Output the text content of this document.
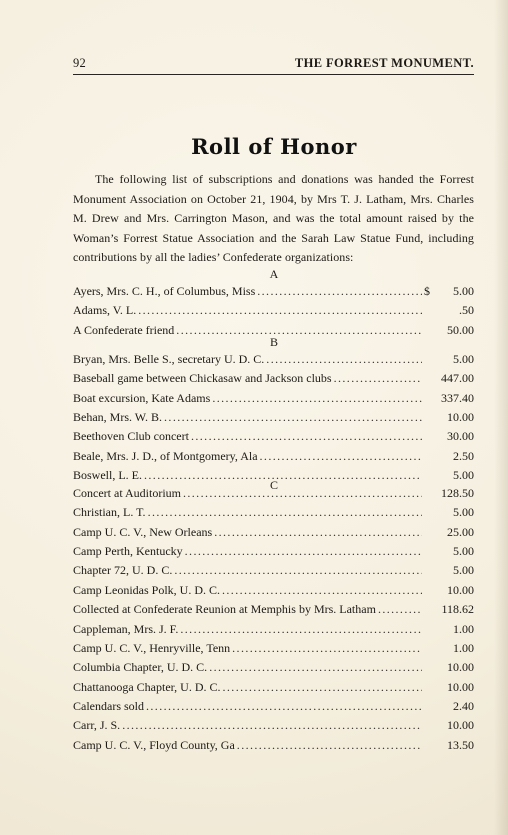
92	THE FORREST MONUMENT.
Roll of Honor

The following list of subscriptions and donations was handed the Forrest Monument Association on October 21, 1904, by Mrs T. J. Latham, Mrs. Charles M. Drew and Mrs. Carrington Mason, and was the total amount raised by the Woman’s Forrest Statue Association and the Sarah Law Statue Fund, including contributions by all the ladies’ Confederate organizations:

A
Ayers, Mrs. C. H., of Columbus, Miss .....	$	5.00
Adams, V. L. .....	.50
A Confederate friend .....	50.00
B
Bryan, Mrs. Belle S., secretary U. D. C. .....	5.00
Baseball game between Chickasaw and Jackson clubs .....	447.00
Boat excursion, Kate Adams .....	337.40
Behan, Mrs. W. B. .....	10.00
Beethoven Club concert .....	30.00
Beale, Mrs. J. D., of Montgomery, Ala .....	2.50
Boswell, L. E. .....	5.00
C
Concert at Auditorium .....	128.50
Christian, L. T. .....	5.00
Camp U. C. V., New Orleans .....	25.00
Camp Perth, Kentucky .....	5.00
Chapter 72, U. D. C. .....	5.00
Camp Leonidas Polk, U. D. C. .....	10.00
Collected at Confederate Reunion at Memphis by Mrs. Latham .....	118.62
Cappleman, Mrs. J. F. .....	1.00
Camp U. C. V., Henryville, Tenn .....	1.00
Columbia Chapter, U. D. C. .....	10.00
Chattanooga Chapter, U. D. C. .....	10.00
Calendars sold .....	2.40
Carr, J. S. .....	10.00
Camp U. C. V., Floyd County, Ga .....	13.50
